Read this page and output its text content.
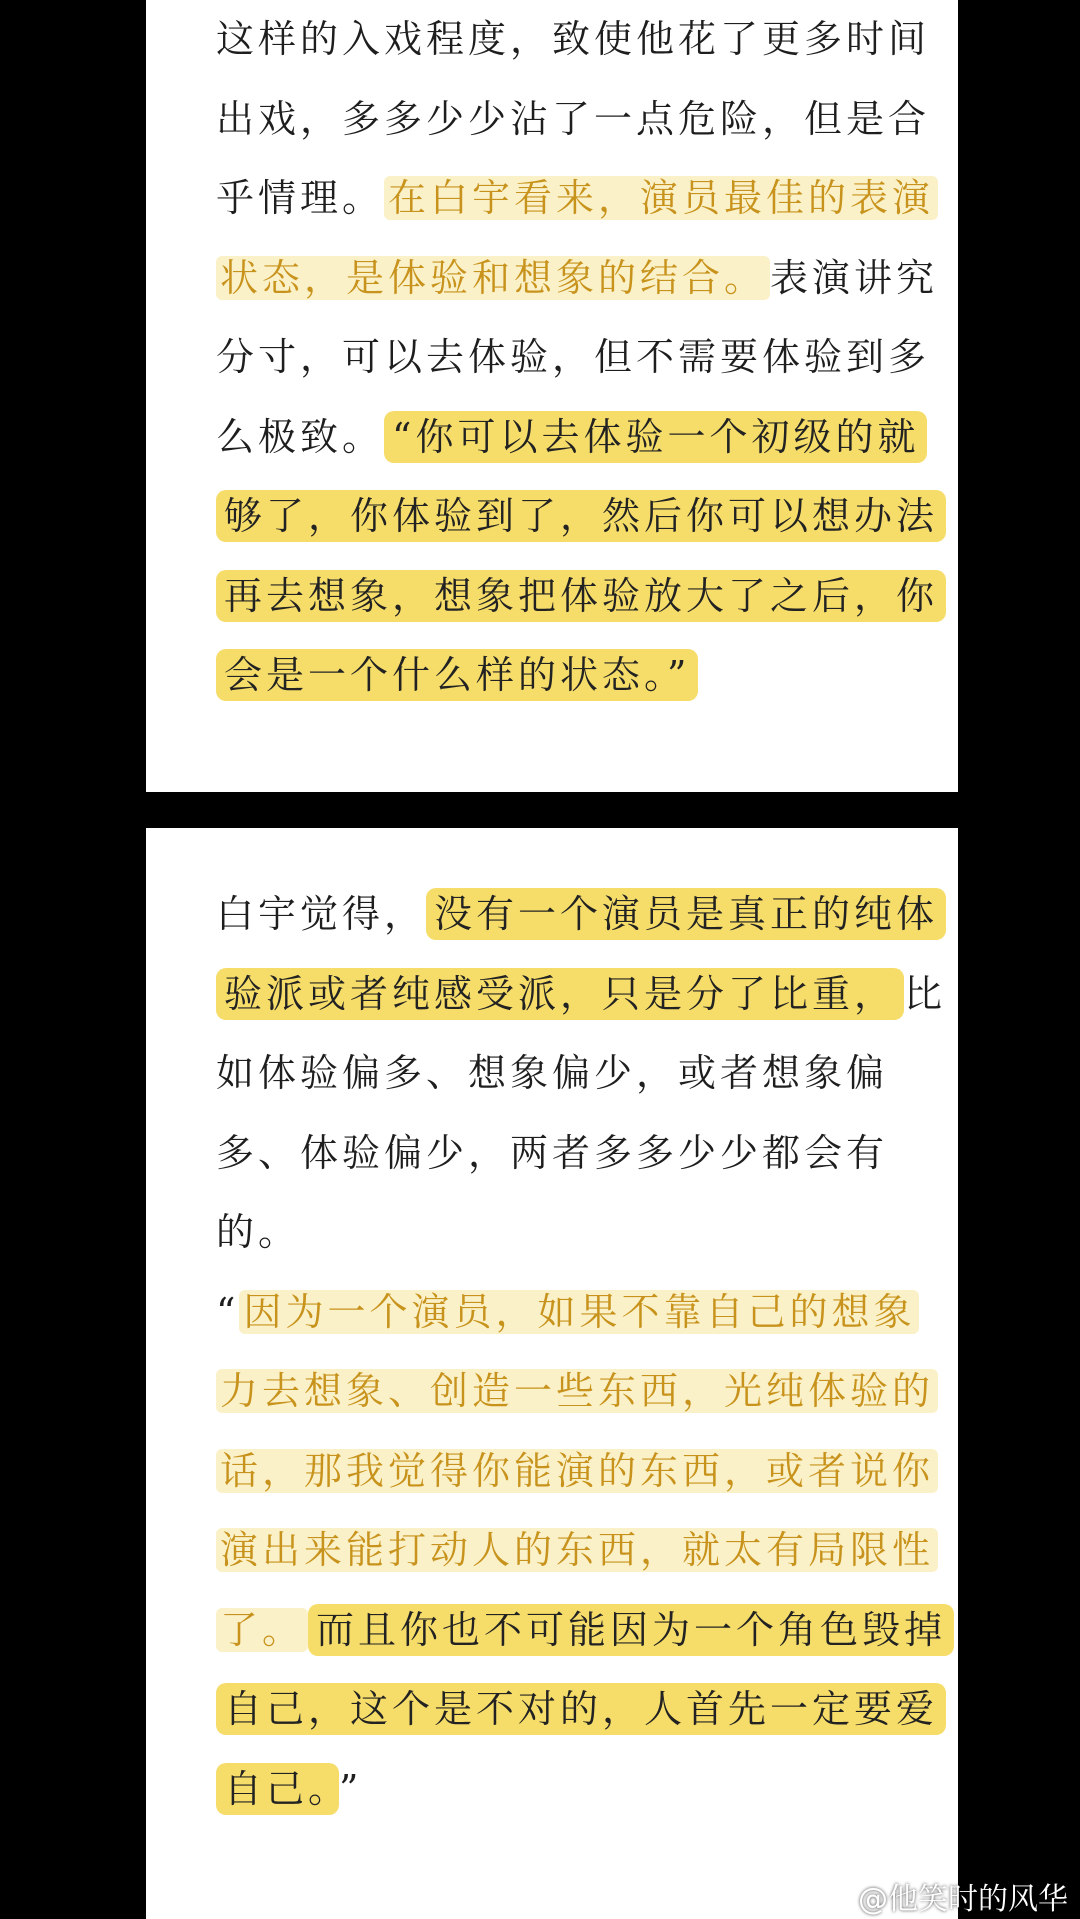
这样的入戏程度，致使他花了更多时间
出戏，多多少少沾了一点危险，但是合
乎情理。 在白宇看来，演员最佳的表演
状态，是体验和想象的结合。 表演讲究
分寸，可以去体验，但不需要体验到多
么极致。 “你可以去体验一个初级的就
够了，你体验到了，然后你可以想办法
再去想象，想象把体验放大了之后，你
会是一个什么样的状态。”
白宇觉得， 没有一个演员是真正的纯体
验派或者纯感受派，只是分了比重， 比
如体验偏多、想象偏少，或者想象偏
多、体验偏少，两者多多少少都会有
的。
“ 因为一个演员，如果不靠自己的想象
力去想象、创造一些东西，光纯体验的
话，那我觉得你能演的东西，或者说你
演出来能打动人的东西，就太有局限性
了。 而且你也不可能因为一个角色毁掉
自己，这个是不对的，人首先一定要爱
自己。 ”
@他笑时的风华
